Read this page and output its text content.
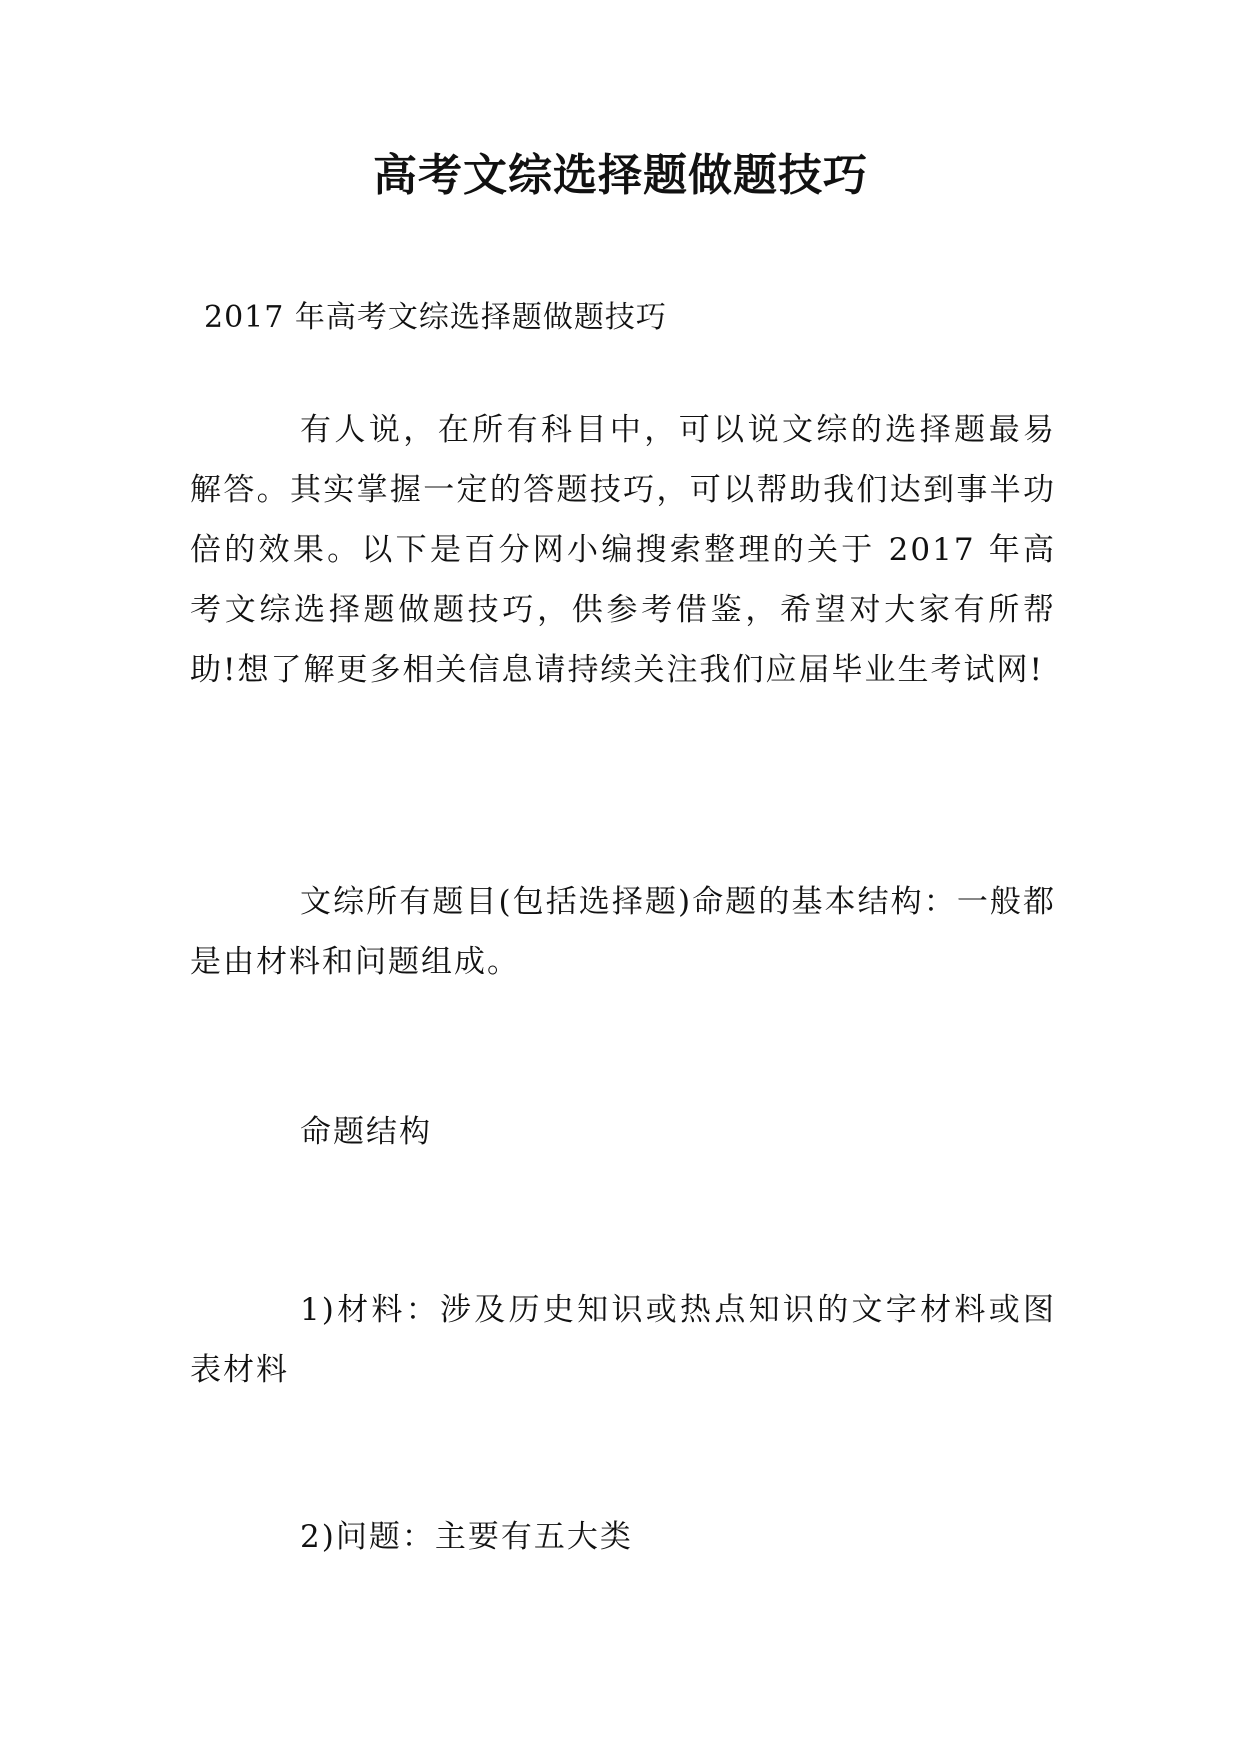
高考文综选择题做题技巧

2017 年高考文综选择题做题技巧

有人说，在所有科目中，可以说文综的选择题最易解答。其实掌握一定的答题技巧，可以帮助我们达到事半功倍的效果。以下是百分网小编搜索整理的关于 2017 年高考文综选择题做题技巧，供参考借鉴，希望对大家有所帮助!想了解更多相关信息请持续关注我们应届毕业生考试网!

文综所有题目(包括选择题)命题的基本结构：一般都是由材料和问题组成。

命题结构

1)材料：涉及历史知识或热点知识的文字材料或图表材料

2)问题：主要有五大类
